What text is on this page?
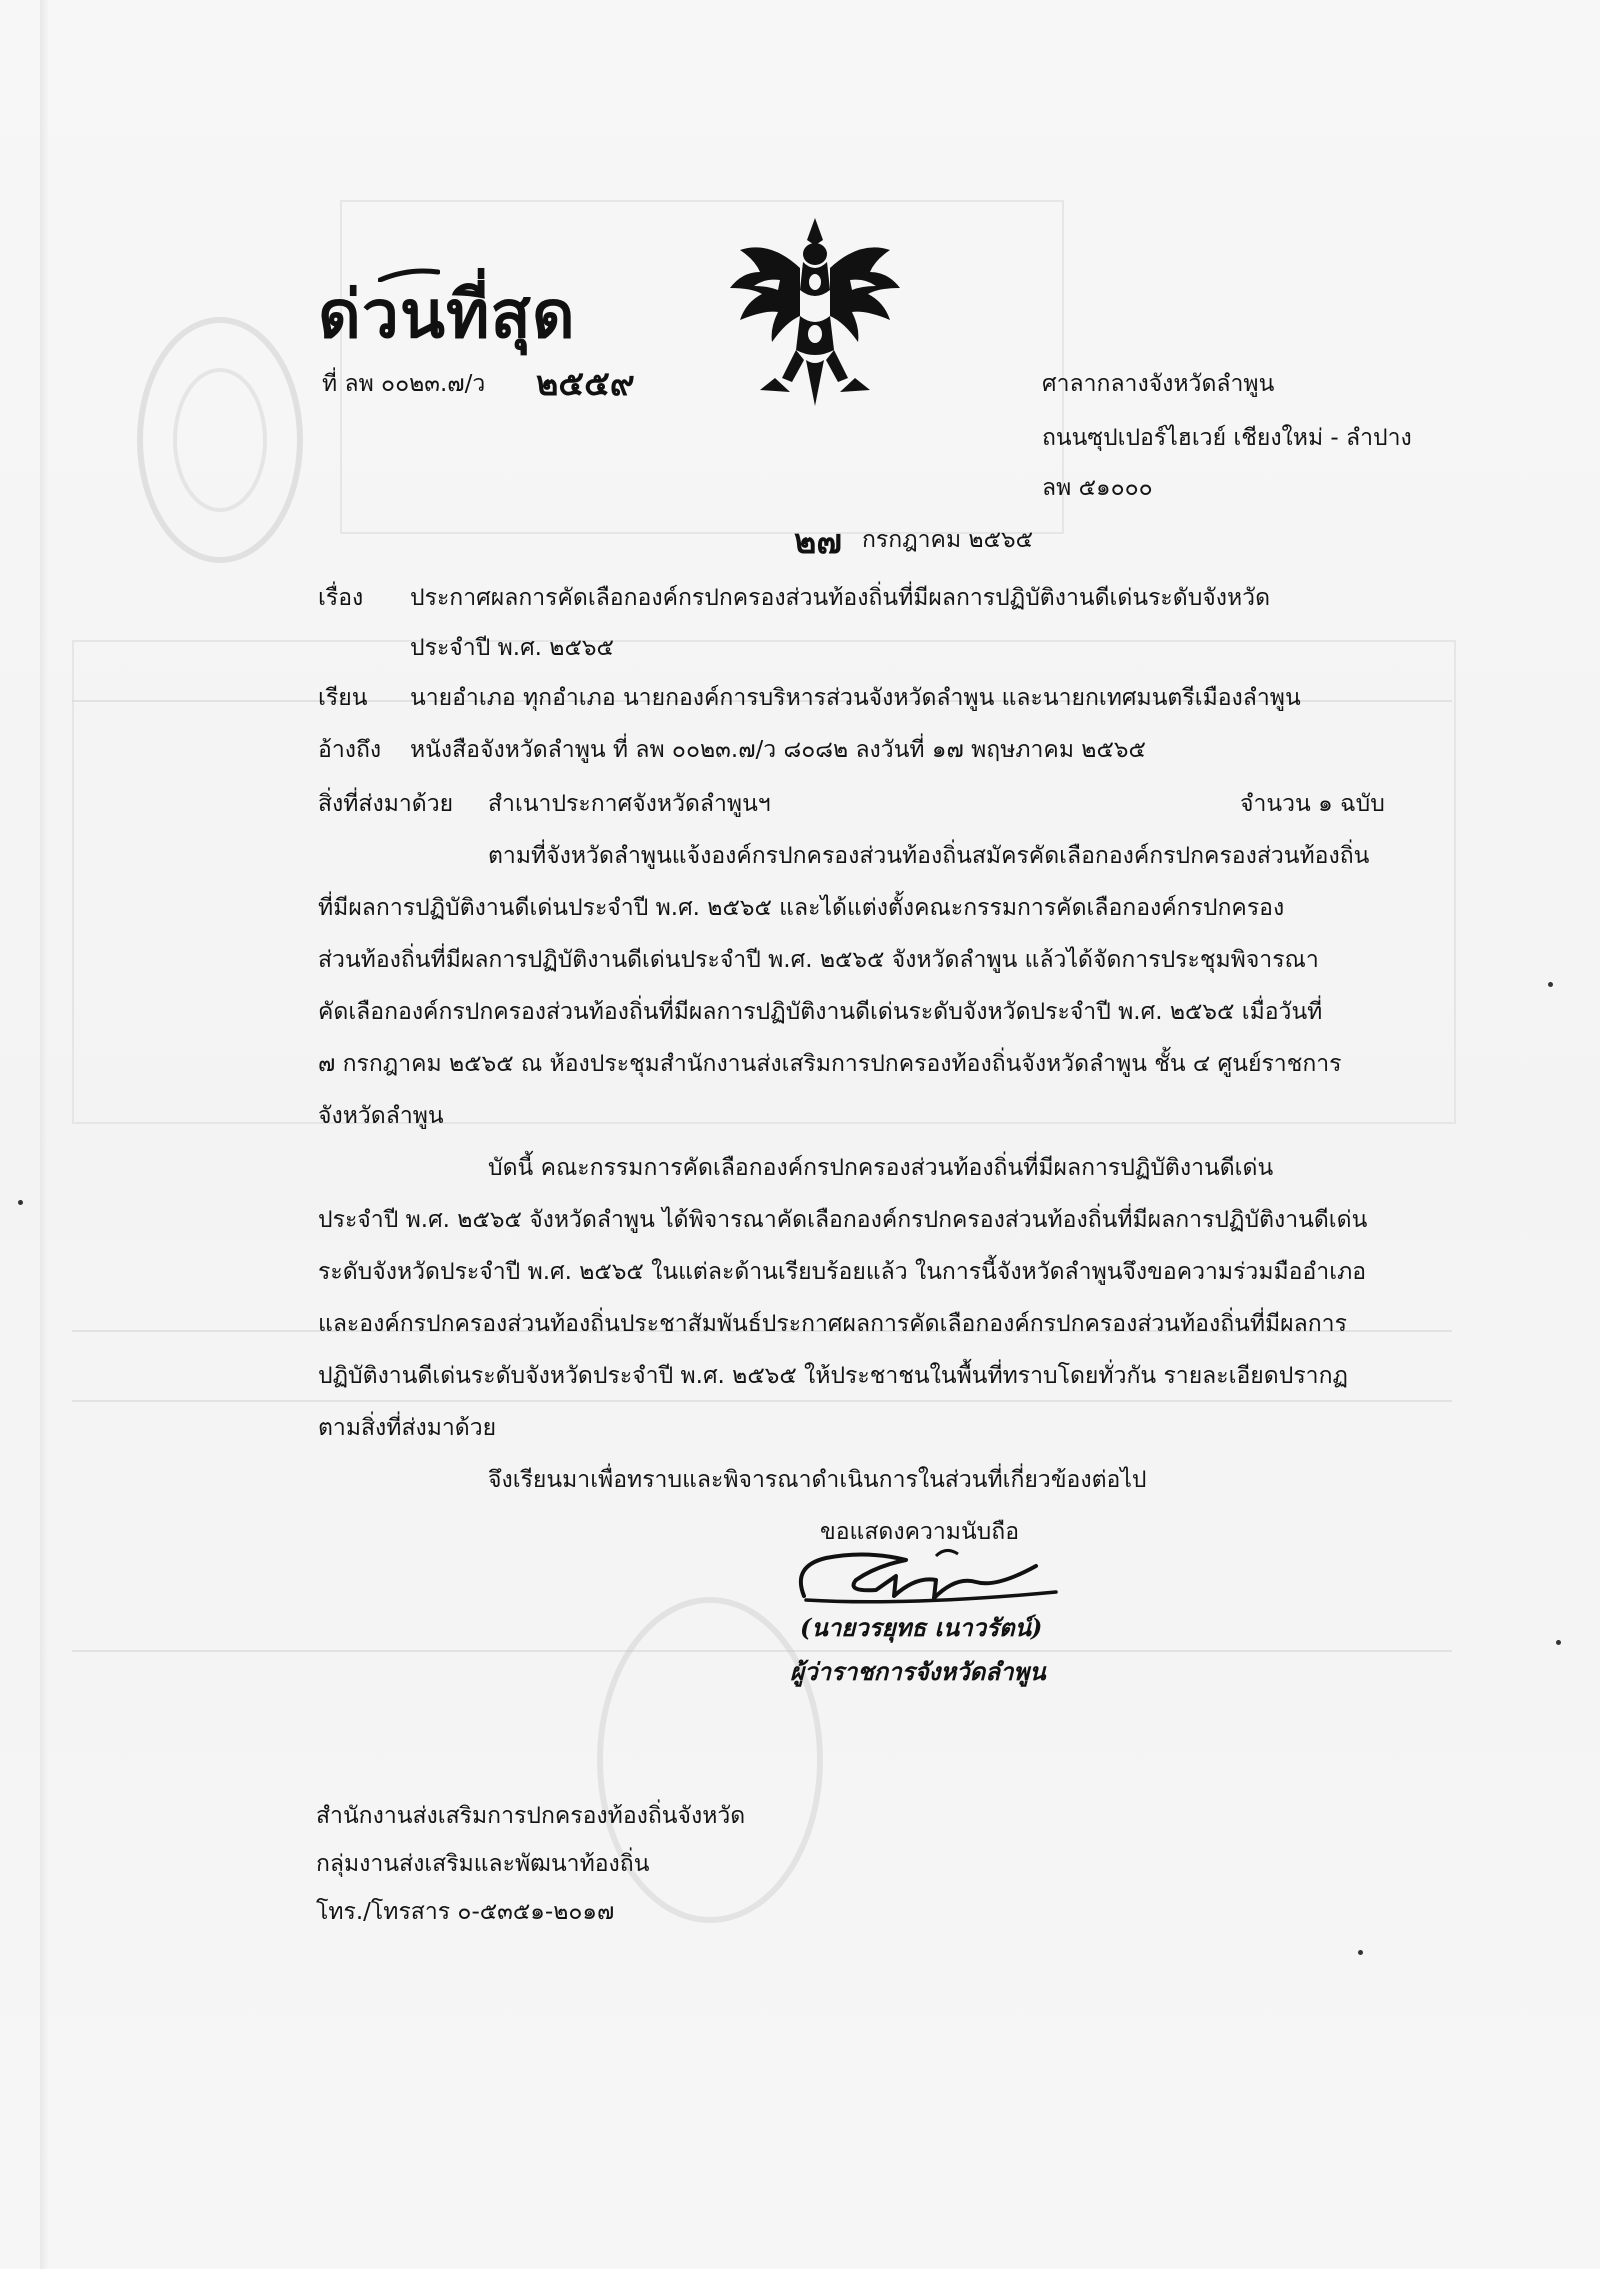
ด่วนที่สุด
ที่ ลพ ๐๐๒๓.๗/ว ๒๕๕๙	ศาลากลางจังหวัดลำพูน
ถนนซุปเปอร์ไฮเวย์ เชียงใหม่ - ลำปาง
ลพ ๕๑๐๐๐
๒๗ กรกฎาคม ๒๕๖๕
เรื่อง ประกาศผลการคัดเลือกองค์กรปกครองส่วนท้องถิ่นที่มีผลการปฏิบัติงานดีเด่นระดับจังหวัด
ประจำปี พ.ศ. ๒๕๖๕
เรียน นายอำเภอ ทุกอำเภอ นายกองค์การบริหารส่วนจังหวัดลำพูน และนายกเทศมนตรีเมืองลำพูน
อ้างถึง หนังสือจังหวัดลำพูน ที่ ลพ ๐๐๒๓.๗/ว ๘๐๘๒ ลงวันที่ ๑๗ พฤษภาคม ๒๕๖๕
สิ่งที่ส่งมาด้วย สำเนาประกาศจังหวัดลำพูนฯ	จำนวน ๑ ฉบับ
ตามที่จังหวัดลำพูนแจ้งองค์กรปกครองส่วนท้องถิ่นสมัครคัดเลือกองค์กรปกครองส่วนท้องถิ่น
ที่มีผลการปฏิบัติงานดีเด่นประจำปี พ.ศ. ๒๕๖๕ และได้แต่งตั้งคณะกรรมการคัดเลือกองค์กรปกครอง
ส่วนท้องถิ่นที่มีผลการปฏิบัติงานดีเด่นประจำปี พ.ศ. ๒๕๖๕ จังหวัดลำพูน แล้วได้จัดการประชุมพิจารณา
คัดเลือกองค์กรปกครองส่วนท้องถิ่นที่มีผลการปฏิบัติงานดีเด่นระดับจังหวัดประจำปี พ.ศ. ๒๕๖๕ เมื่อวันที่
๗ กรกฎาคม ๒๕๖๕ ณ ห้องประชุมสำนักงานส่งเสริมการปกครองท้องถิ่นจังหวัดลำพูน ชั้น ๔ ศูนย์ราชการ
จังหวัดลำพูน
บัดนี้ คณะกรรมการคัดเลือกองค์กรปกครองส่วนท้องถิ่นที่มีผลการปฏิบัติงานดีเด่น
ประจำปี พ.ศ. ๒๕๖๕ จังหวัดลำพูน ได้พิจารณาคัดเลือกองค์กรปกครองส่วนท้องถิ่นที่มีผลการปฏิบัติงานดีเด่น
ระดับจังหวัดประจำปี พ.ศ. ๒๕๖๕ ในแต่ละด้านเรียบร้อยแล้ว ในการนี้จังหวัดลำพูนจึงขอความร่วมมืออำเภอ
และองค์กรปกครองส่วนท้องถิ่นประชาสัมพันธ์ประกาศผลการคัดเลือกองค์กรปกครองส่วนท้องถิ่นที่มีผลการ
ปฏิบัติงานดีเด่นระดับจังหวัดประจำปี พ.ศ. ๒๕๖๕ ให้ประชาชนในพื้นที่ทราบโดยทั่วกัน รายละเอียดปรากฏ
ตามสิ่งที่ส่งมาด้วย
จึงเรียนมาเพื่อทราบและพิจารณาดำเนินการในส่วนที่เกี่ยวข้องต่อไป
ขอแสดงความนับถือ
(นายวรยุทธ เนาวรัตน์)
ผู้ว่าราชการจังหวัดลำพูน
สำนักงานส่งเสริมการปกครองท้องถิ่นจังหวัด
กลุ่มงานส่งเสริมและพัฒนาท้องถิ่น
โทร./โทรสาร ๐-๕๓๕๑-๒๐๑๗
